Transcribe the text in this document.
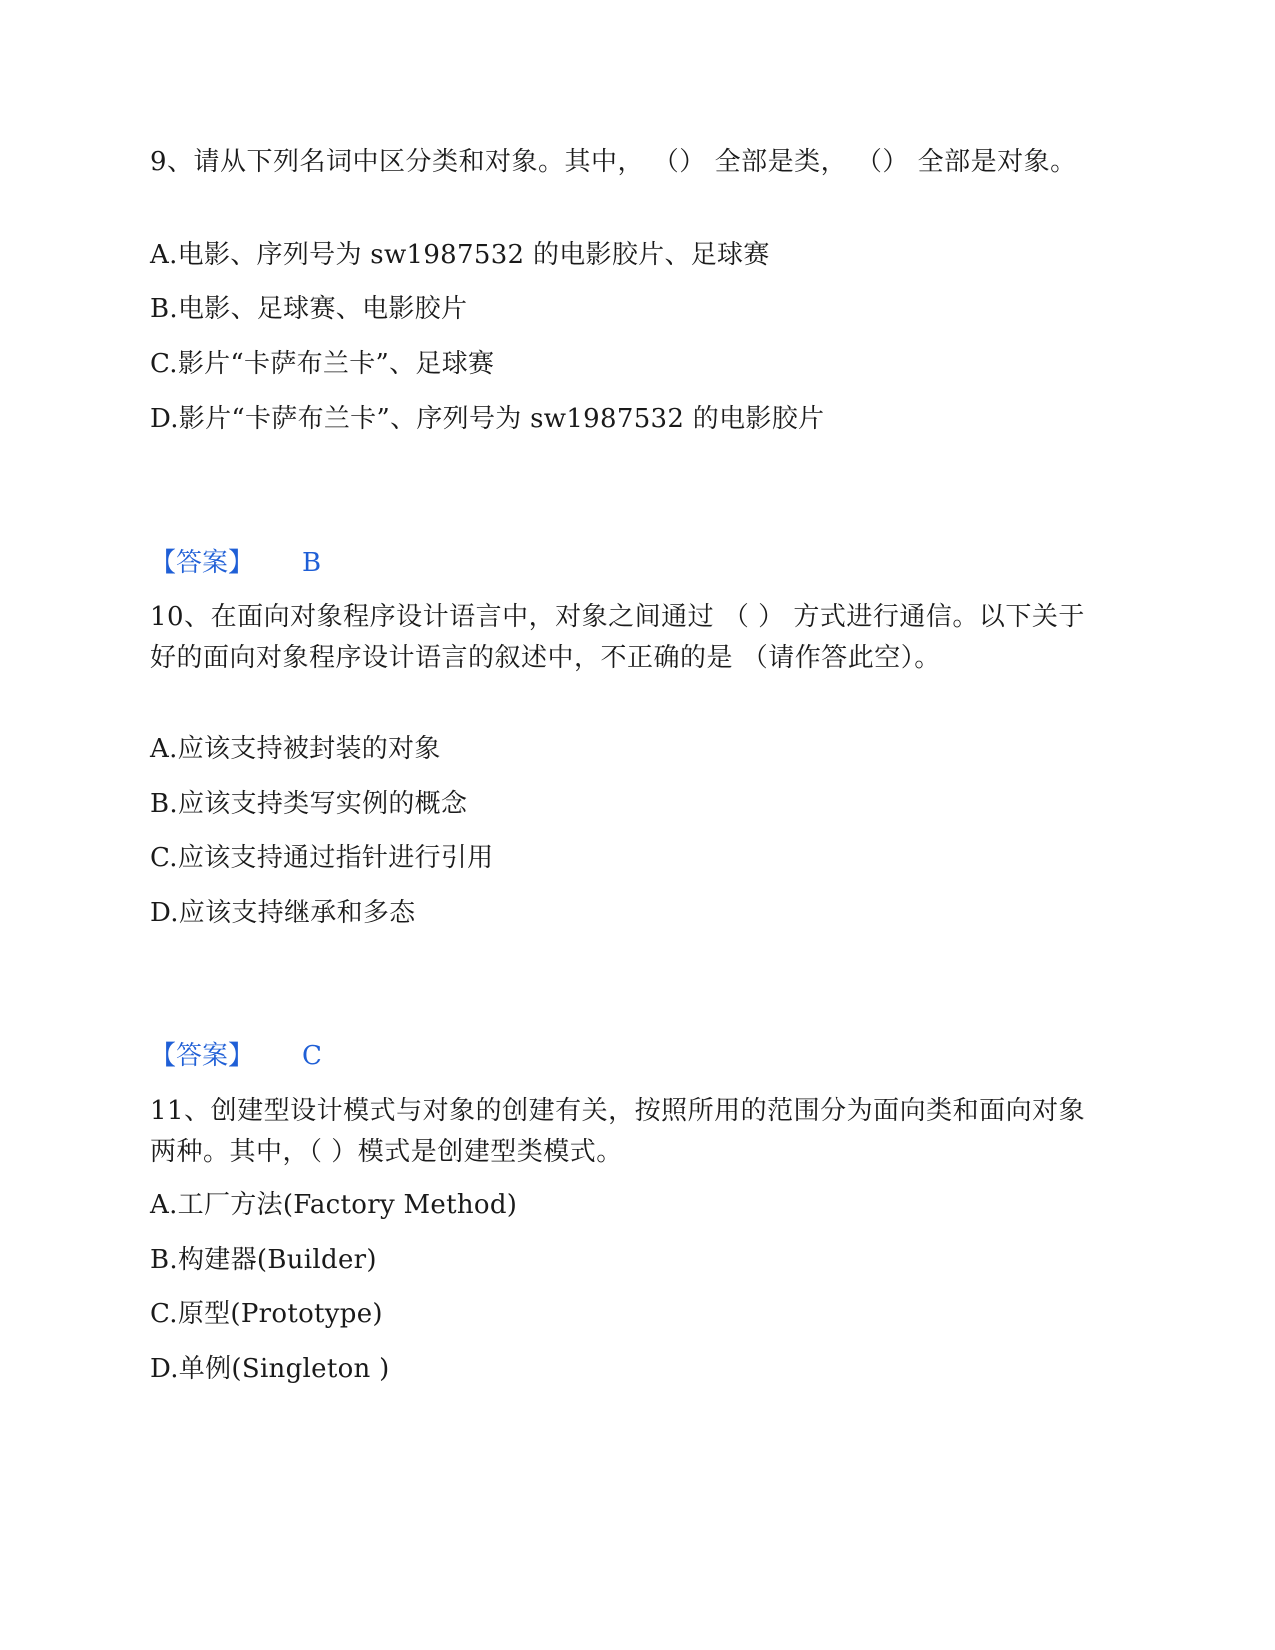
9、请从下列名词中区分类和对象。其中， （） 全部是类， （） 全部是对象。
A.电影、序列号为 sw1987532 的电影胶片、足球赛
B.电影、足球赛、电影胶片
C.影片“卡萨布兰卡”、足球赛
D.影片“卡萨布兰卡”、序列号为 sw1987532 的电影胶片
【答案】 B
10、在面向对象程序设计语言中，对象之间通过 （ ） 方式进行通信。以下关于好的面向对象程序设计语言的叙述中，不正确的是 （请作答此空）。
A.应该支持被封装的对象
B.应该支持类写实例的概念
C.应该支持通过指针进行引用
D.应该支持继承和多态
【答案】 C
11、创建型设计模式与对象的创建有关，按照所用的范围分为面向类和面向对象两种。其中，（ ）模式是创建型类模式。
A.工厂方法(Factory Method)
B.构建器(Builder)
C.原型(Prototype)
D.单例(Singleton )
